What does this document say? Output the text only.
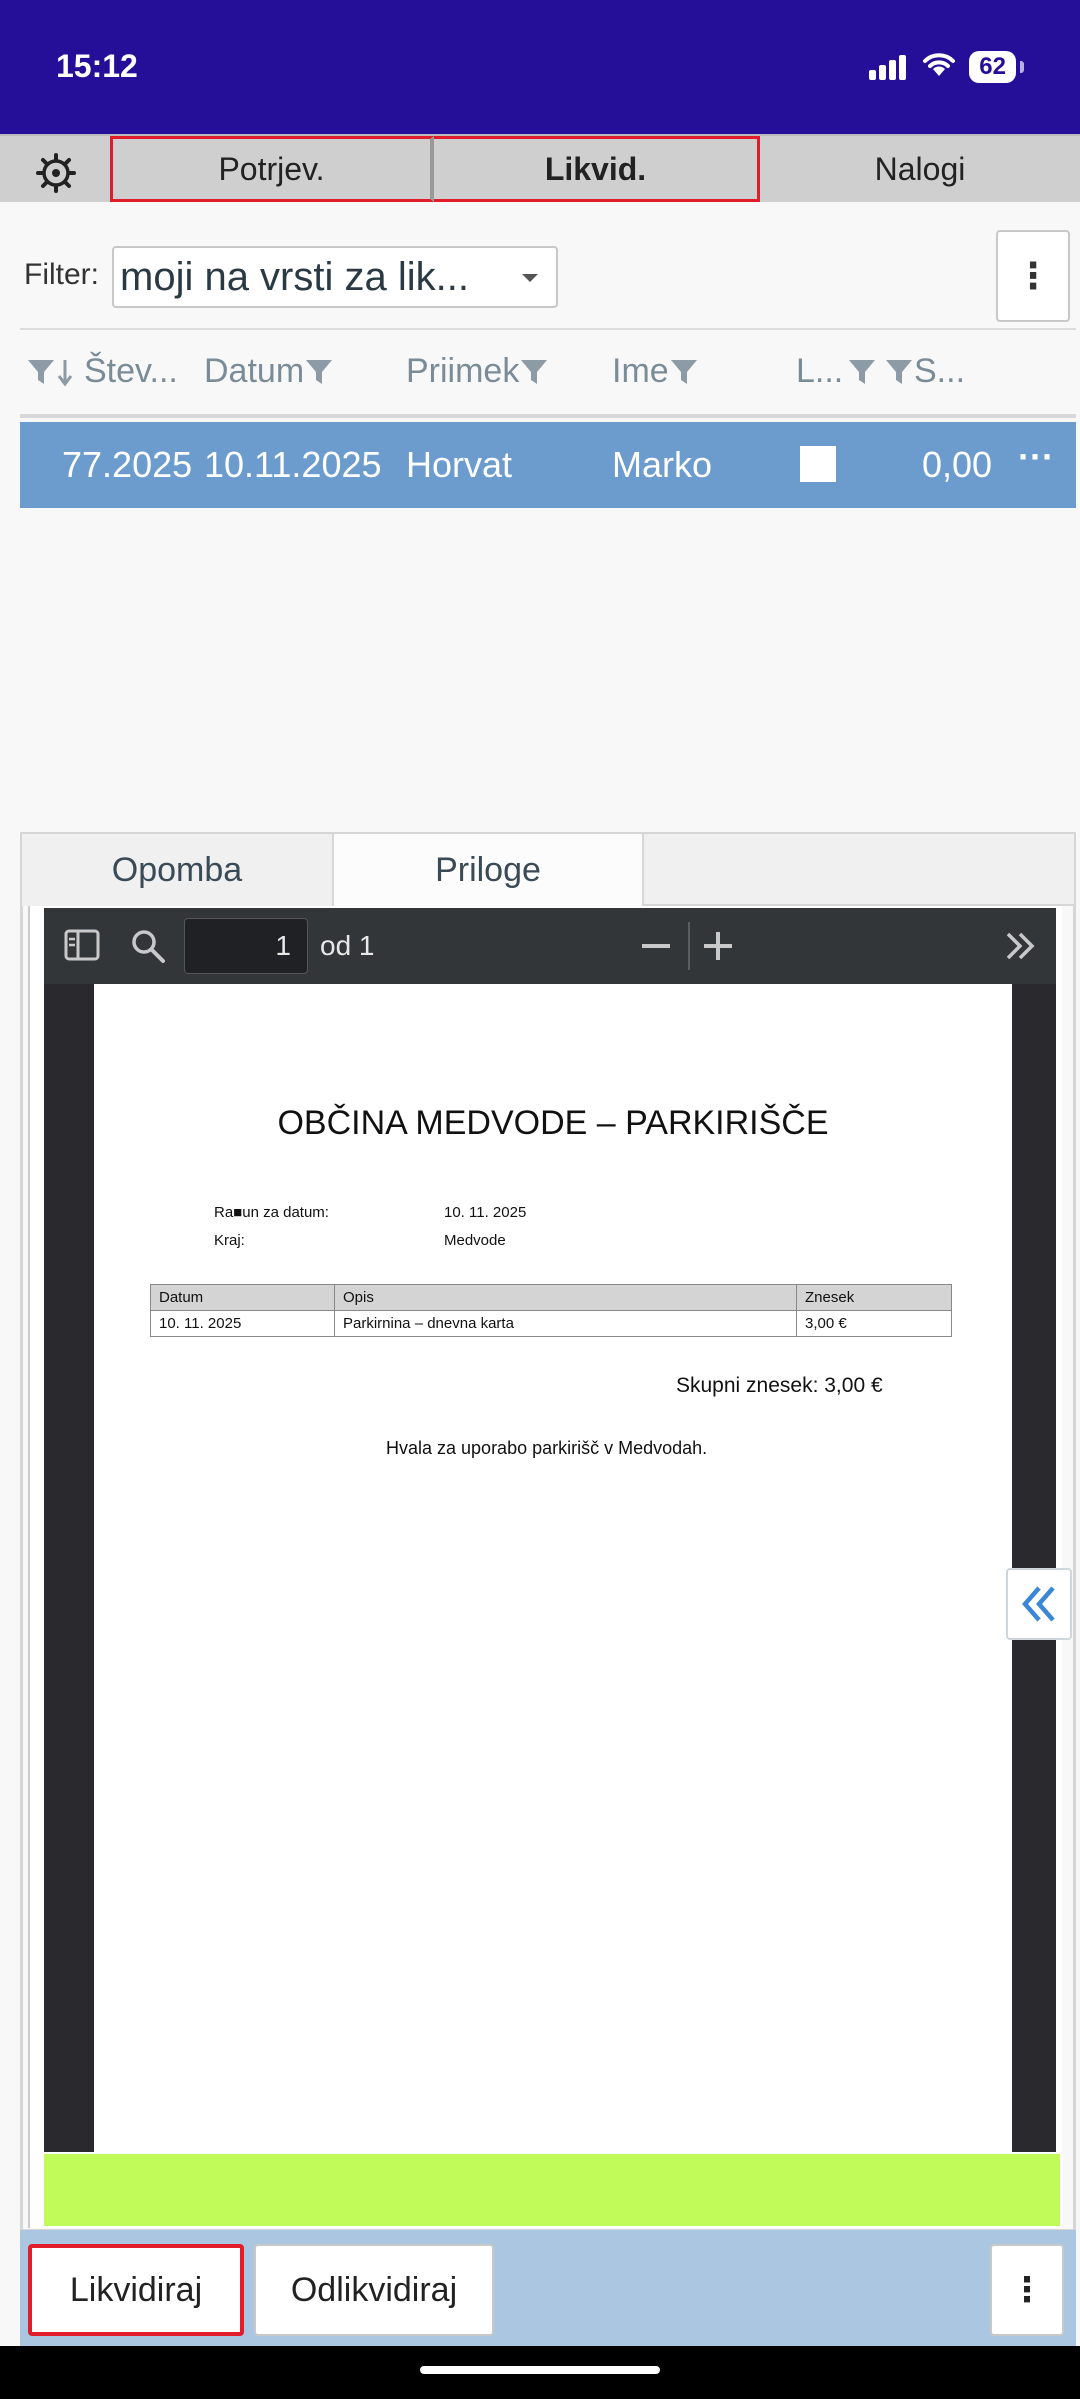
15:12	62
Potrjev.	Likvid.	Nalogi
Filter: moji na vrsti za lik...	⋮
Štev... Datum	Priimek	Ime	L... S...
77.2025 10.11.2025 Horvat	Marko	0,00 ···
Opomba	Priloge
1	od 1
OBČINA MEDVODE – PARKIRIŠČE
Ra■un za datum:	10. 11. 2025
Kraj:	Medvode
Datum	Opis	Znesek
10. 11. 2025	Parkirnina – dnevna karta	3,00 €
Skupni znesek: 3,00 €
Hvala za uporabo parkirišč v Medvodah.
Likvidiraj	Odlikvidiraj	⋮
